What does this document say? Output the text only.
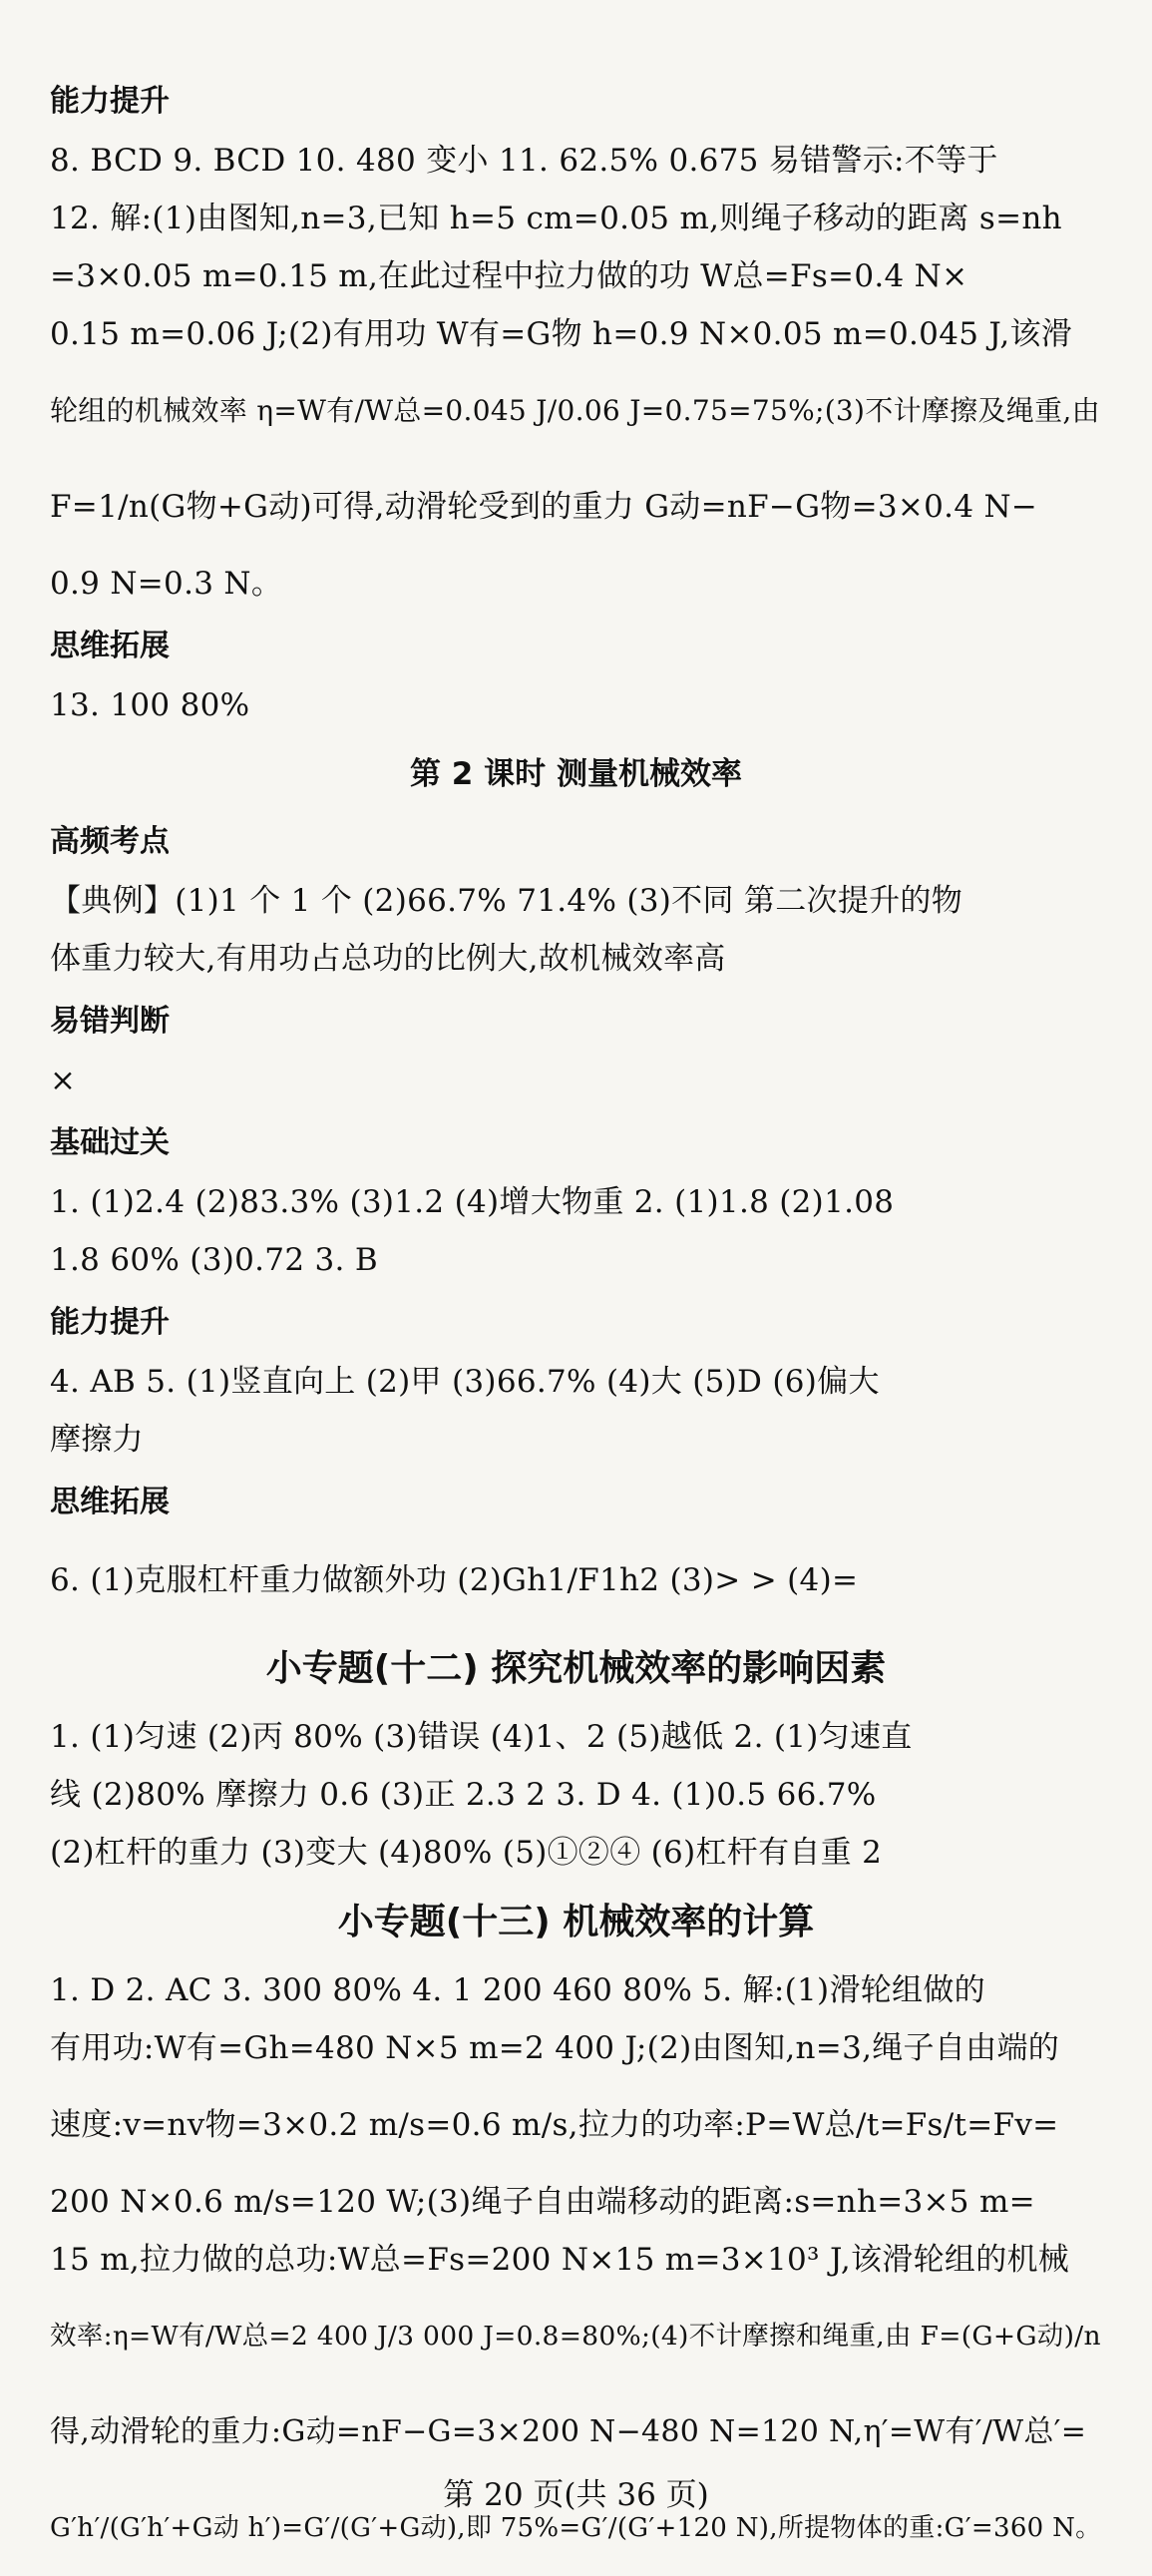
能力提升
8. BCD 9. BCD 10. 480 变小 11. 62.5% 0.675 易错警示:不等于
12. 解:(1)由图知,n=3,已知 h=5 cm=0.05 m,则绳子移动的距离 s=nh
=3×0.05 m=0.15 m,在此过程中拉力做的功 W总=Fs=0.4 N×
0.15 m=0.06 J;(2)有用功 W有=G物 h=0.9 N×0.05 m=0.045 J,该滑
轮组的机械效率 η=W有/W总=0.045 J/0.06 J=0.75=75%;(3)不计摩擦及绳重,由
F=1/n(G物+G动)可得,动滑轮受到的重力 G动=nF−G物=3×0.4 N−
0.9 N=0.3 N。
思维拓展
13. 100 80%
第 2 课时 测量机械效率
高频考点
【典例】(1)1 个 1 个 (2)66.7% 71.4% (3)不同 第二次提升的物
体重力较大,有用功占总功的比例大,故机械效率高
易错判断
×
基础过关
1. (1)2.4 (2)83.3% (3)1.2 (4)增大物重 2. (1)1.8 (2)1.08
1.8 60% (3)0.72 3. B
能力提升
4. AB 5. (1)竖直向上 (2)甲 (3)66.7% (4)大 (5)D (6)偏大
摩擦力
思维拓展
6. (1)克服杠杆重力做额外功 (2)Gh1/F1h2 (3)> > (4)=
小专题(十二) 探究机械效率的影响因素
1. (1)匀速 (2)丙 80% (3)错误 (4)1、2 (5)越低 2. (1)匀速直
线 (2)80% 摩擦力 0.6 (3)正 2.3 2 3. D 4. (1)0.5 66.7%
(2)杠杆的重力 (3)变大 (4)80% (5)①②④ (6)杠杆有自重 2
小专题(十三) 机械效率的计算
1. D 2. AC 3. 300 80% 4. 1 200 460 80% 5. 解:(1)滑轮组做的
有用功:W有=Gh=480 N×5 m=2 400 J;(2)由图知,n=3,绳子自由端的
速度:v=nv物=3×0.2 m/s=0.6 m/s,拉力的功率:P=W总/t=Fs/t=Fv=
200 N×0.6 m/s=120 W;(3)绳子自由端移动的距离:s=nh=3×5 m=
15 m,拉力做的总功:W总=Fs=200 N×15 m=3×10³ J,该滑轮组的机械
效率:η=W有/W总=2 400 J/3 000 J=0.8=80%;(4)不计摩擦和绳重,由 F=(G+G动)/n
得,动滑轮的重力:G动=nF−G=3×200 N−480 N=120 N,η′=W有′/W总′=
G′h′/(G′h′+G动 h′)=G′/(G′+G动),即 75%=G′/(G′+120 N),所提物体的重:G′=360 N。
第 20 页(共 36 页)
